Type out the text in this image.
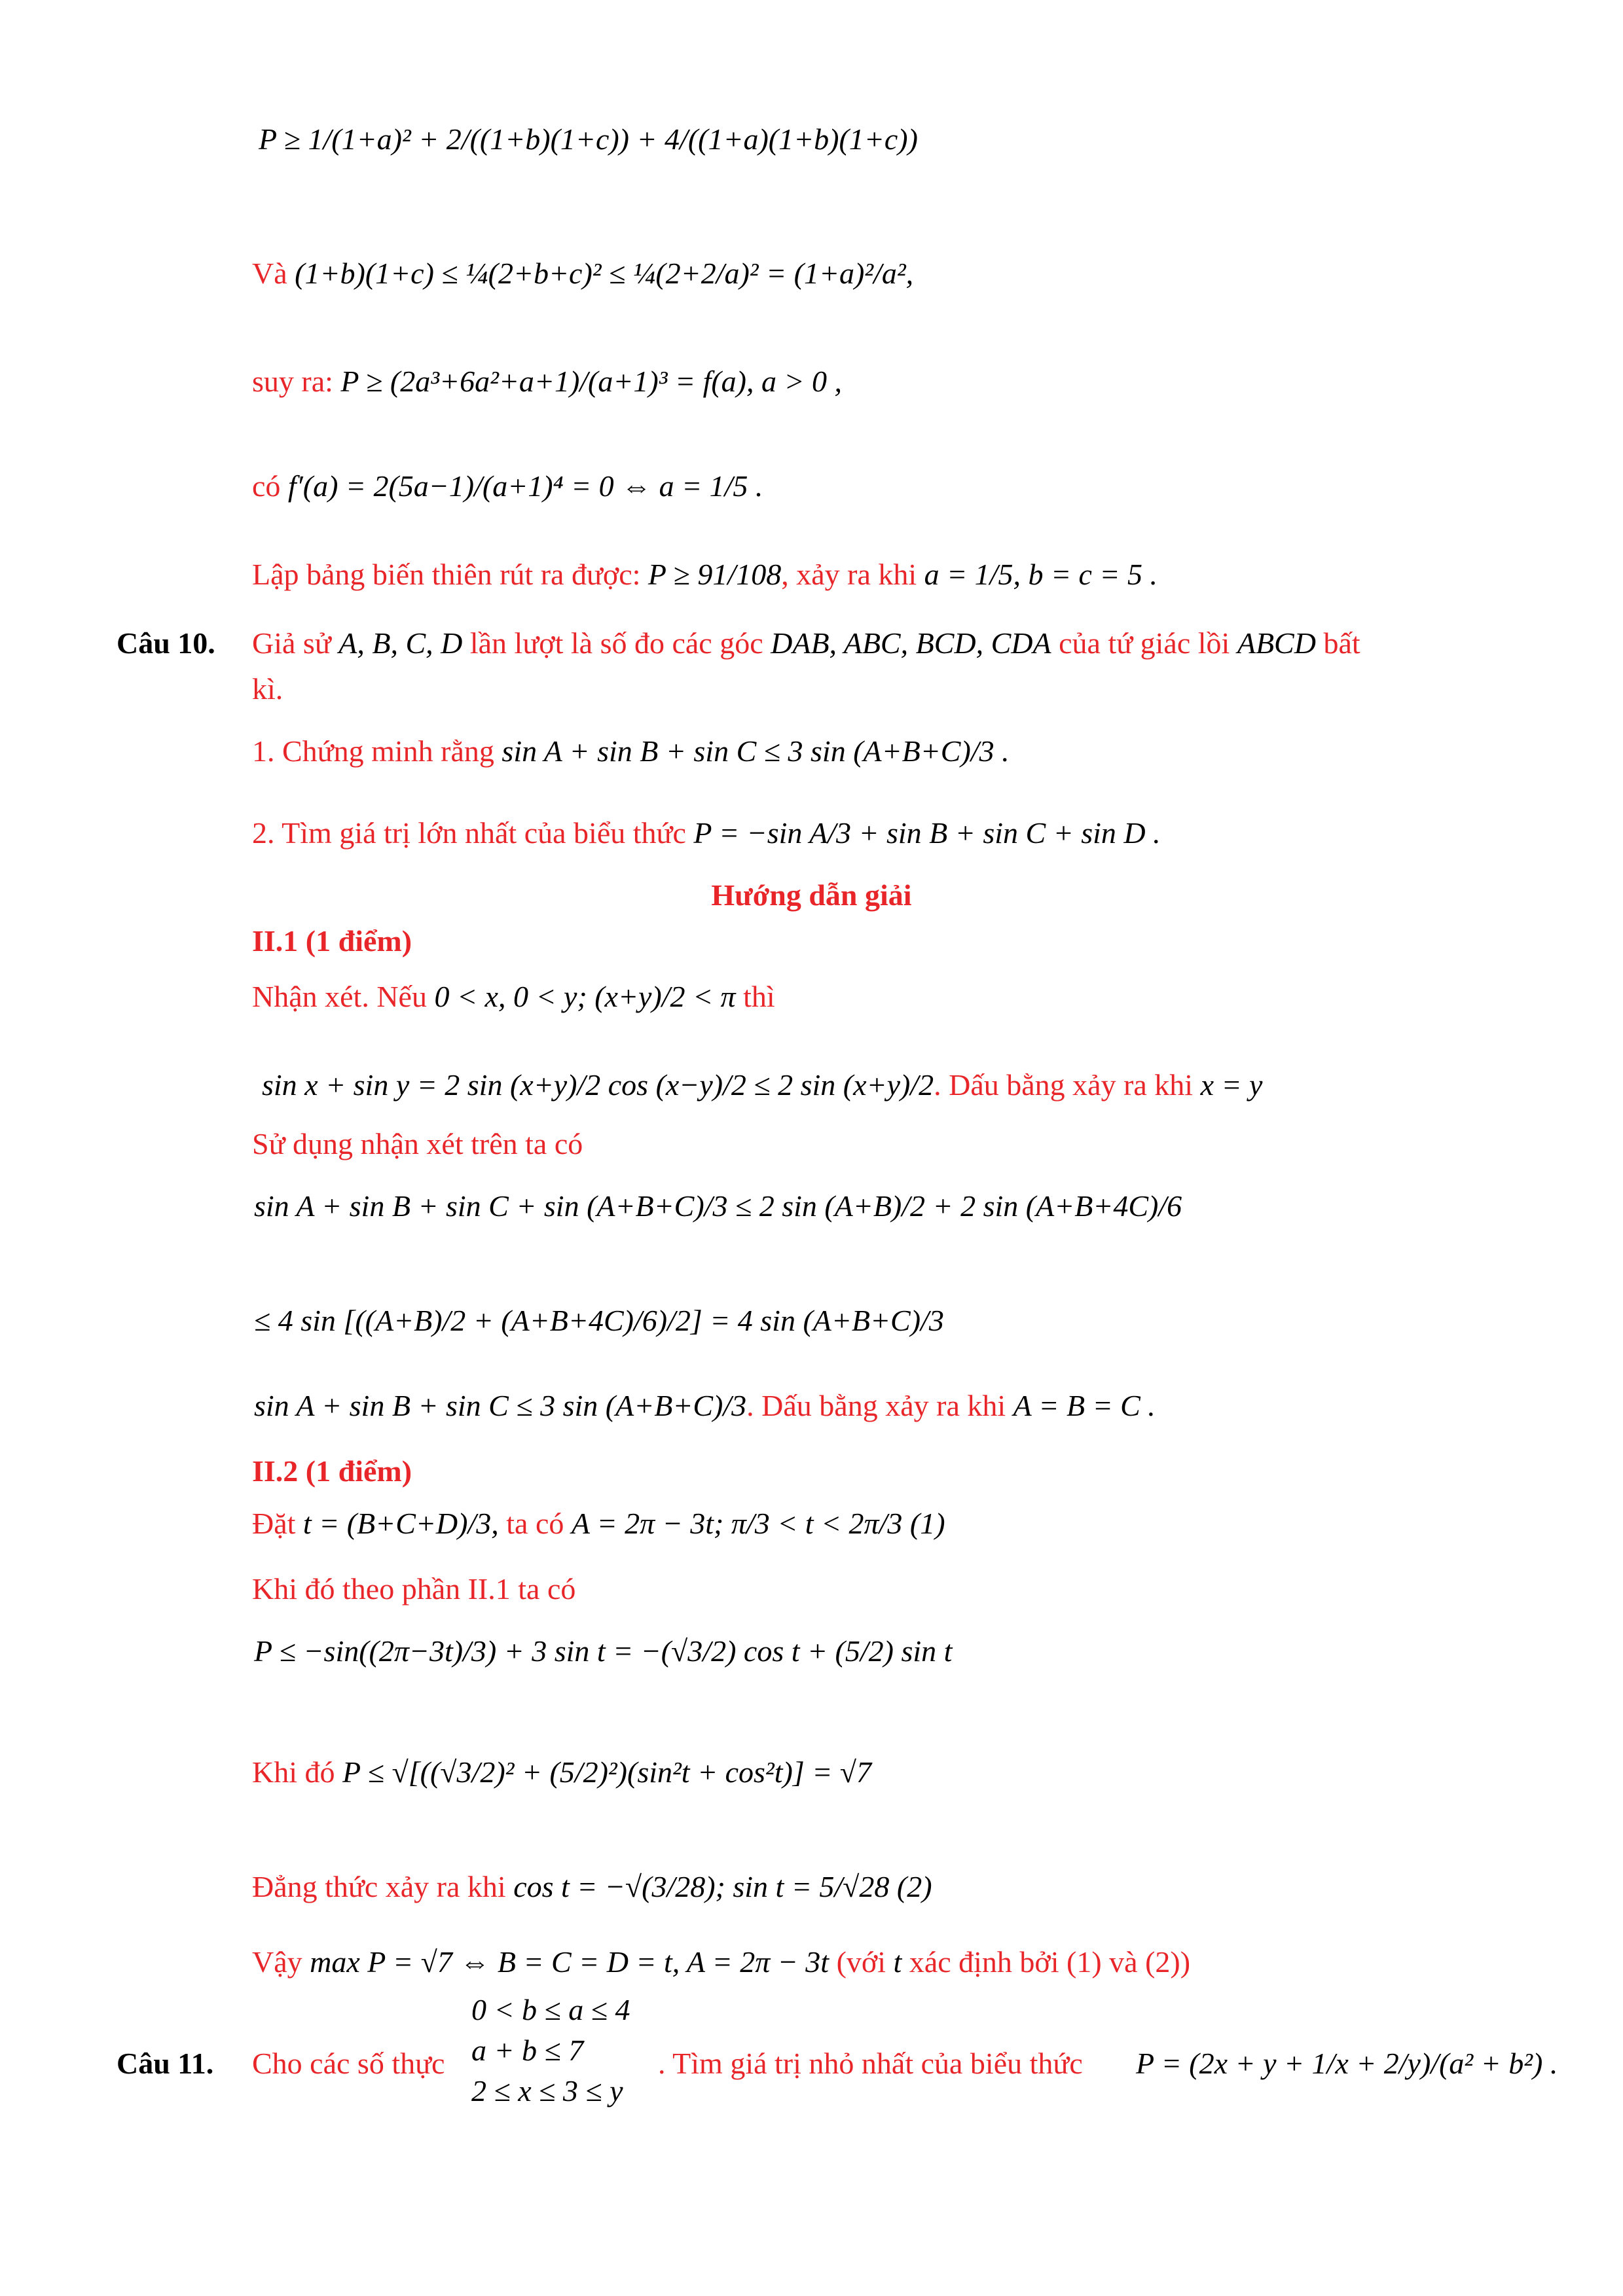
P ≥ 1/(1+a)² + 2/((1+b)(1+c)) + 4/((1+a)(1+b)(1+c))
Và (1+b)(1+c) ≤ ¼(2+b+c)² ≤ ¼(2+2/a)² = (1+a)²/a²,
suy ra: P ≥ (2a³+6a²+a+1)/(a+1)³ = f(a), a > 0 ,
có f′(a) = 2(5a−1)/(a+1)⁴ = 0 ⇔ a = 1/5 .
Lập bảng biến thiên rút ra được: P ≥ 91/108, xảy ra khi a = 1/5, b = c = 5 .
Câu 10. Giả sử A, B, C, D lần lượt là số đo các góc DAB, ABC, BCD, CDA của tứ giác lồi ABCD bất
kì.
1. Chứng minh rằng sin A + sin B + sin C ≤ 3 sin (A+B+C)/3 .
2. Tìm giá trị lớn nhất của biểu thức P = −sin A/3 + sin B + sin C + sin D .
Hướng dẫn giải
II.1 (1 điểm)
Nhận xét. Nếu 0 < x, 0 < y; (x+y)/2 < π thì
sin x + sin y = 2 sin (x+y)/2 cos (x−y)/2 ≤ 2 sin (x+y)/2. Dấu bằng xảy ra khi x = y
Sử dụng nhận xét trên ta có
sin A + sin B + sin C + sin (A+B+C)/3 ≤ 2 sin (A+B)/2 + 2 sin (A+B+4C)/6
≤ 4 sin [((A+B)/2 + (A+B+4C)/6)/2] = 4 sin (A+B+C)/3
sin A + sin B + sin C ≤ 3 sin (A+B+C)/3. Dấu bằng xảy ra khi A = B = C .
II.2 (1 điểm)
Đặt t = (B+C+D)/3, ta có A = 2π − 3t; π/3 < t < 2π/3 (1)
Khi đó theo phần II.1 ta có
P ≤ −sin((2π−3t)/3) + 3 sin t = −(√3/2) cos t + (5/2) sin t
Khi đó P ≤ √[((√3/2)² + (5/2)²)(sin²t + cos²t)] = √7
Đẳng thức xảy ra khi cos t = −√(3/28); sin t = 5/√28 (2)
Vậy max P = √7 ⇔ B = C = D = t, A = 2π − 3t (với t xác định bởi (1) và (2))
Câu 11. Cho các số thực
0 < b ≤ a ≤ 4
a + b ≤ 7
2 ≤ x ≤ 3 ≤ y
. Tìm giá trị nhỏ nhất của biểu thức P = (2x + y + 1/x + 2/y)/(a² + b²) .
